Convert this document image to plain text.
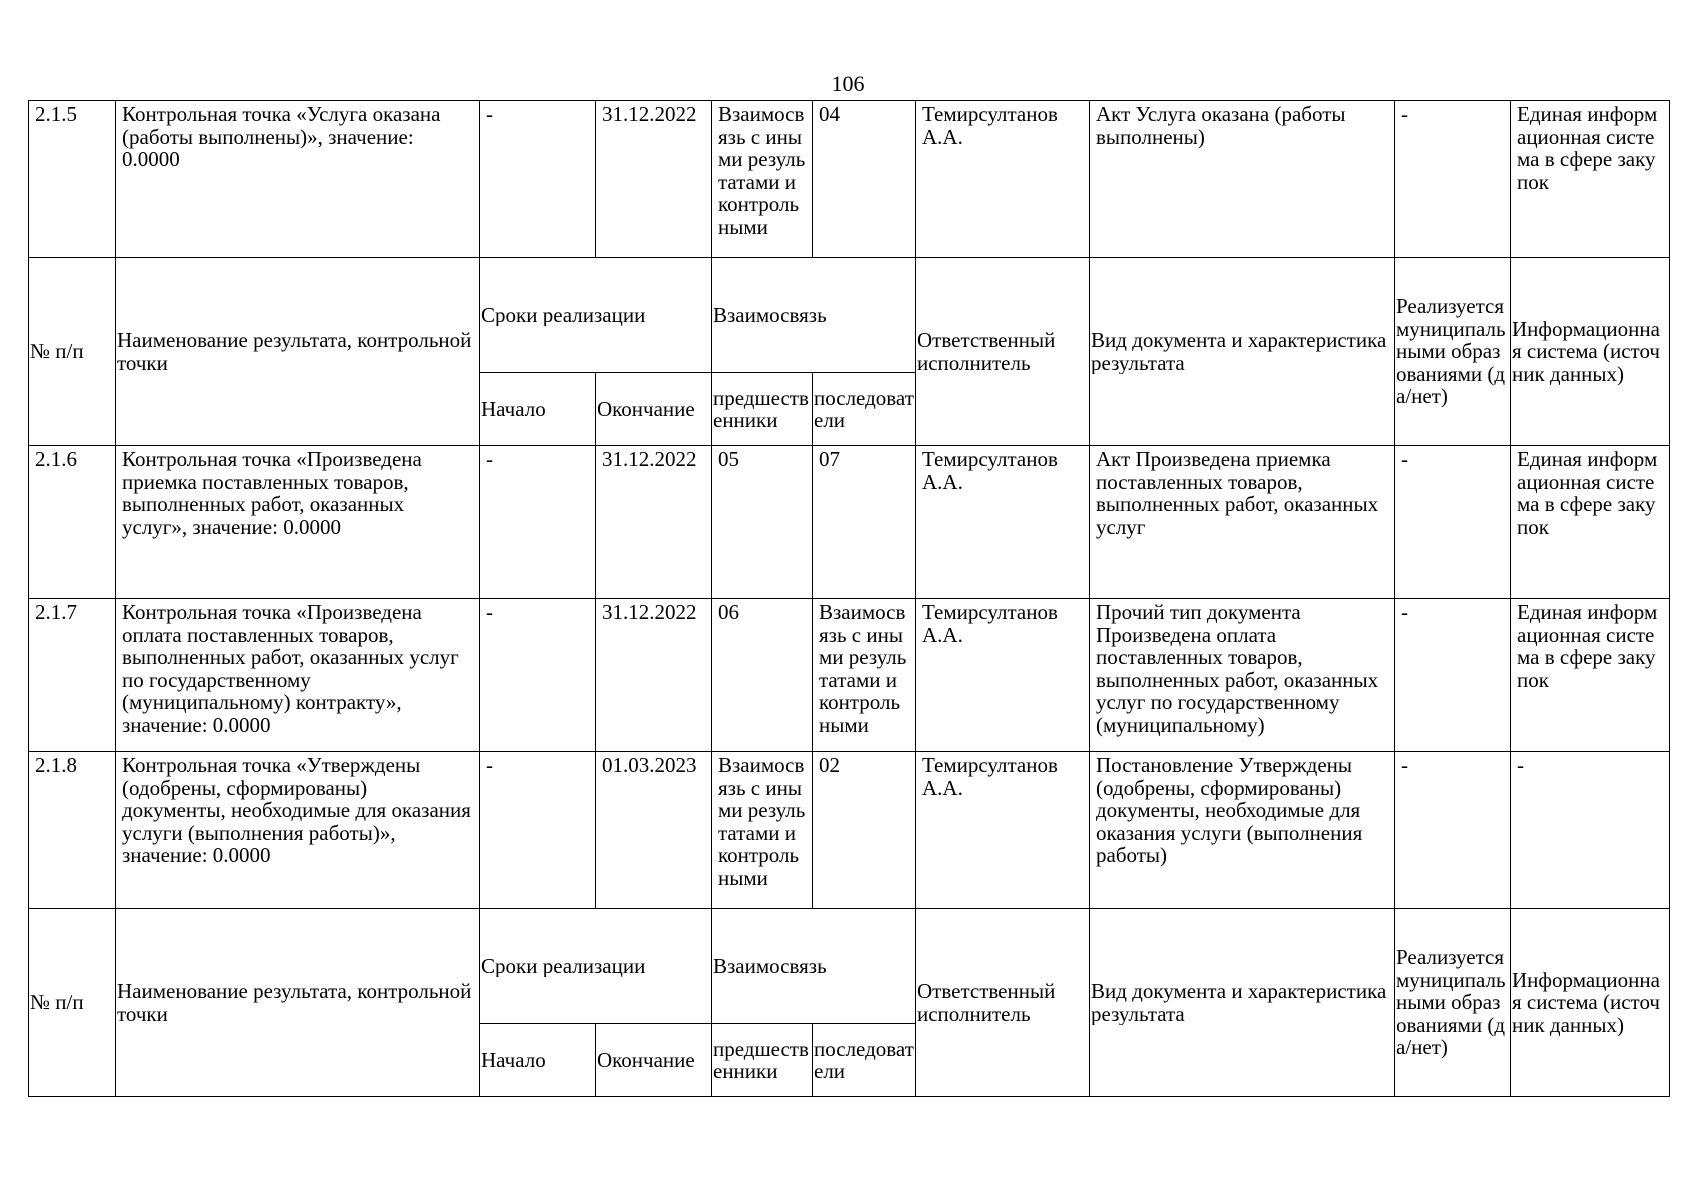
106
2.1.5	Контрольная точка «Услуга оказана (работы выполнены)», значение: 0.0000	-	31.12.2022	Взаимосвязь с иными результатами и контрольными	04	Темирсултанов А.А.	Акт Услуга оказана (работы выполнены)	-	Единая информационная система в сфере закупок

№ п/п	Наименование результата, контрольной точки	Сроки реализации		Взаимосвязь		Ответственный исполнитель	Вид документа и характеристика результата	Реализуется муниципальными образованиями (да/нет)	Информационная система (источник данных)

		Начало	Окончание	предшественники	последователи				

2.1.6	Контрольная точка «Произведена приемка поставленных товаров, выполненных работ, оказанных услуг», значение: 0.0000	-	31.12.2022	05	07	Темирсултанов А.А.	Акт Произведена приемка поставленных товаров, выполненных работ, оказанных услуг	-	Единая информационная система в сфере закупок

2.1.7	Контрольная точка «Произведена оплата поставленных товаров, выполненных работ, оказанных услуг по государственному (муниципальному) контракту», значение: 0.0000	-	31.12.2022	06	Взаимосвязь с иными результатами и контрольными	Темирсултанов А.А.	Прочий тип документа Произведена оплата поставленных товаров, выполненных работ, оказанных услуг по государственному (муниципальному)	-	Единая информационная система в сфере закупок

2.1.8	Контрольная точка «Утверждены (одобрены, сформированы) документы, необходимые для оказания услуги (выполнения работы)», значение: 0.0000	-	01.03.2023	Взаимосвязь с иными результатами и контрольными	02	Темирсултанов А.А.	Постановление Утверждены (одобрены, сформированы) документы, необходимые для оказания услуги (выполнения работы)	-	-

№ п/п	Наименование результата, контрольной точки	Сроки реализации		Взаимосвязь		Ответственный исполнитель	Вид документа и характеристика результата	Реализуется муниципальными образованиями (да/нет)	Информационная система (источник данных)

		Начало	Окончание	предшественники	последователи				
